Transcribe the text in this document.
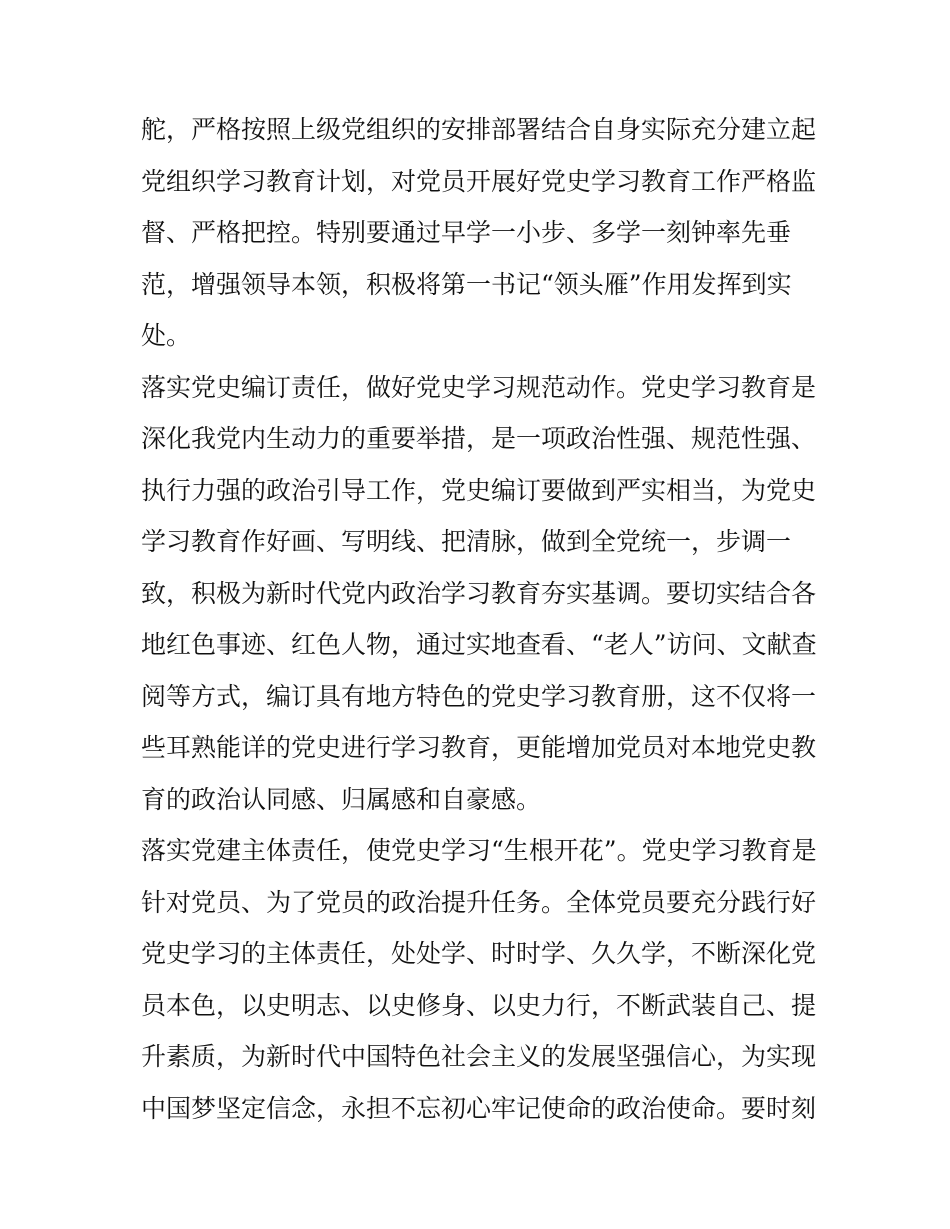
舵，严格按照上级党组织的安排部署结合自身实际充分建立起
党组织学习教育计划，对党员开展好党史学习教育工作严格监
督、严格把控。特别要通过早学一小步、多学一刻钟率先垂
范，增强领导本领，积极将第一书记“领头雁”作用发挥到实
处。
落实党史编订责任，做好党史学习规范动作。党史学习教育是
深化我党内生动力的重要举措，是一项政治性强、规范性强、
执行力强的政治引导工作，党史编订要做到严实相当，为党史
学习教育作好画、写明线、把清脉，做到全党统一，步调一
致，积极为新时代党内政治学习教育夯实基调。要切实结合各
地红色事迹、红色人物，通过实地查看、“老人”访问、文献查
阅等方式，编订具有地方特色的党史学习教育册，这不仅将一
些耳熟能详的党史进行学习教育，更能增加党员对本地党史教
育的政治认同感、归属感和自豪感。
落实党建主体责任，使党史学习“生根开花”。党史学习教育是
针对党员、为了党员的政治提升任务。全体党员要充分践行好
党史学习的主体责任，处处学、时时学、久久学，不断深化党
员本色，以史明志、以史修身、以史力行，不断武装自己、提
升素质，为新时代中国特色社会主义的发展坚强信心，为实现
中国梦坚定信念，永担不忘初心牢记使命的政治使命。要时刻
